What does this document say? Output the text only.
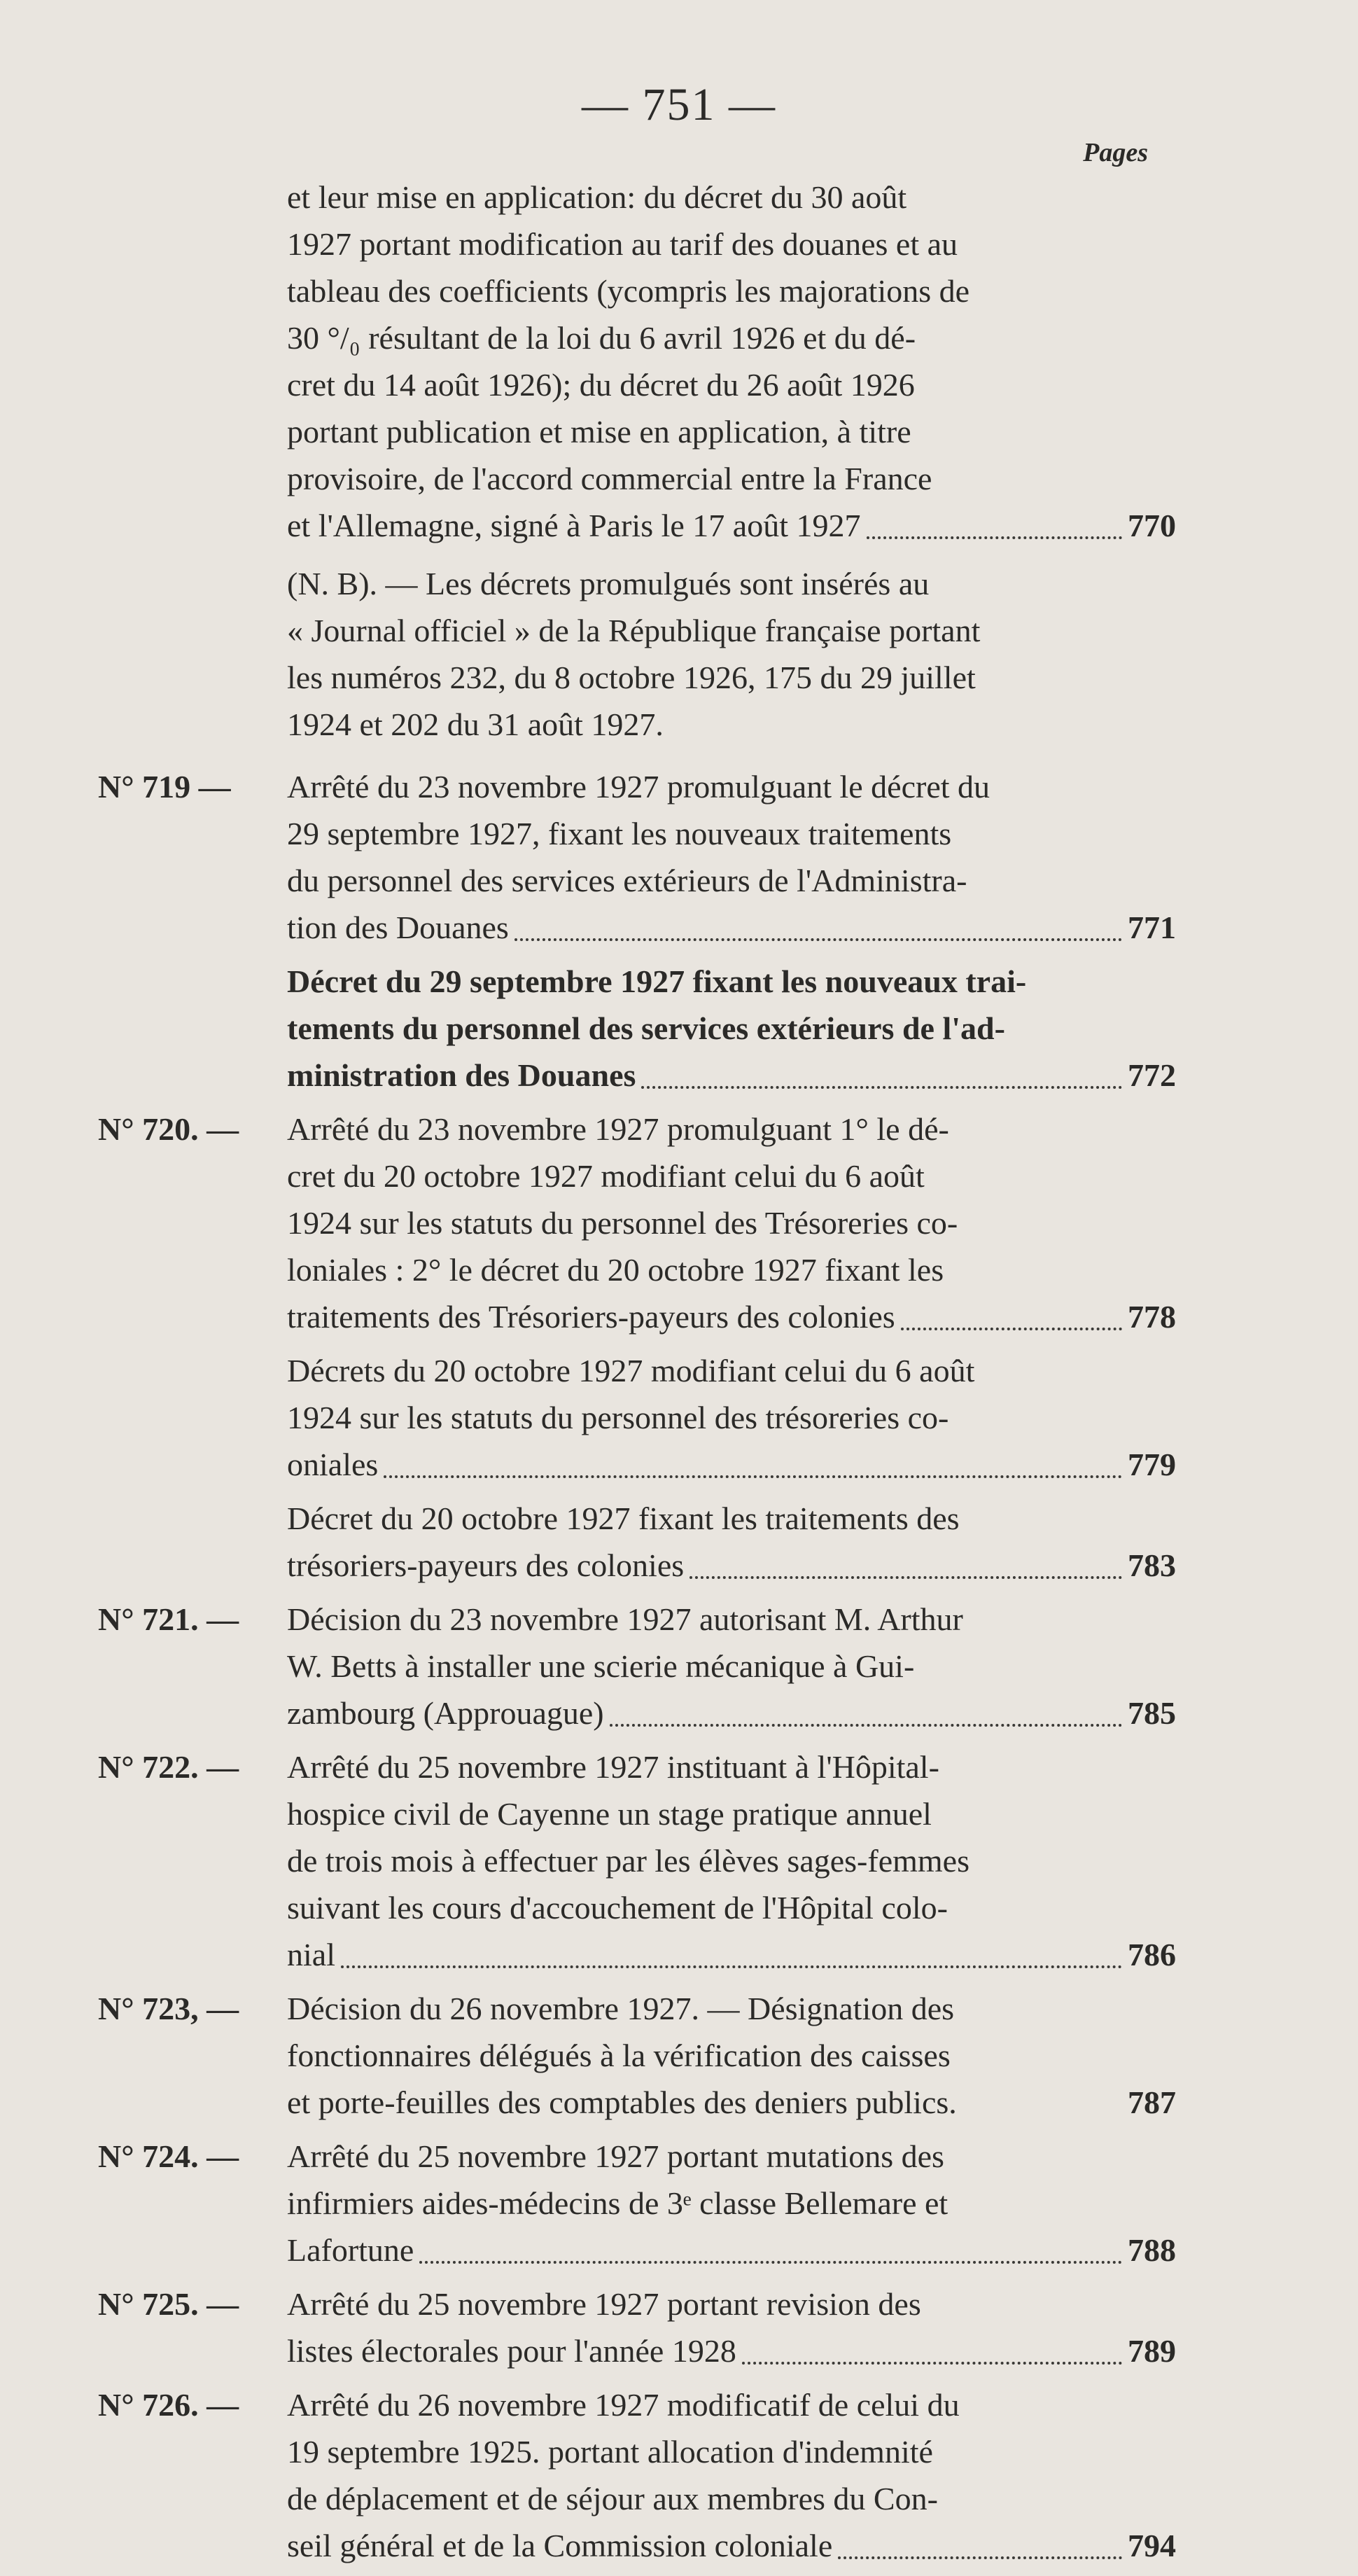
— 751 —
Pages
et leur mise en application: du décret du 30 août
1927 portant modification au tarif des douanes et au
tableau des coefficients (ycompris les majorations de
30 °/₀ résultant de la loi du 6 avril 1926 et du dé-
cret du 14 août 1926); du décret du 26 août 1926
portant publication et mise en application, à titre
provisoire, de l'accord commercial entre la France
et l'Allemagne, signé à Paris le 17 août 1927	770
(N. B). — Les décrets promulgués sont insérés au
« Journal officiel » de la République française portant
les numéros 232, du 8 octobre 1926, 175 du 29 juillet
1924 et 202 du 31 août 1927.
N° 719 —	Arrêté du 23 novembre 1927 promulguant le décret du
29 septembre 1927, fixant les nouveaux traitements
du personnel des services extérieurs de l'Administra-
tion des Douanes	771
Décret du 29 septembre 1927 fixant les nouveaux trai-
tements du personnel des services extérieurs de l'ad-
ministration des Douanes	772
N° 720. —	Arrêté du 23 novembre 1927 promulguant 1° le dé-
cret du 20 octobre 1927 modifiant celui du 6 août
1924 sur les statuts du personnel des Trésoreries co-
loniales : 2° le décret du 20 octobre 1927 fixant les
traitements des Trésoriers-payeurs des colonies	778
Décrets du 20 octobre 1927 modifiant celui du 6 août
1924 sur les statuts du personnel des trésoreries co-
oniales	779
Décret du 20 octobre 1927 fixant les traitements des
trésoriers-payeurs des colonies	783
N° 721. —	Décision du 23 novembre 1927 autorisant M. Arthur
W. Betts à installer une scierie mécanique à Gui-
zambourg (Approuague)	785
N° 722. —	Arrêté du 25 novembre 1927 instituant à l'Hôpital-
hospice civil de Cayenne un stage pratique annuel
de trois mois à effectuer par les élèves sages-femmes
suivant les cours d'accouchement de l'Hôpital colo-
nial	786
N° 723, —	Décision du 26 novembre 1927. — Désignation des
fonctionnaires délégués à la vérification des caisses
et porte-feuilles des comptables des deniers publics.	787
N° 724. —	Arrêté du 25 novembre 1927 portant mutations des
infirmiers aides-médecins de 3ᵉ classe Bellemare et
Lafortune	788
N° 725. —	Arrêté du 25 novembre 1927 portant revision des
listes électorales pour l'année 1928	789
N° 726. —	Arrêté du 26 novembre 1927 modificatif de celui du
19 septembre 1925. portant allocation d'indemnité
de déplacement et de séjour aux membres du Con-
seil général et de la Commission coloniale	794
